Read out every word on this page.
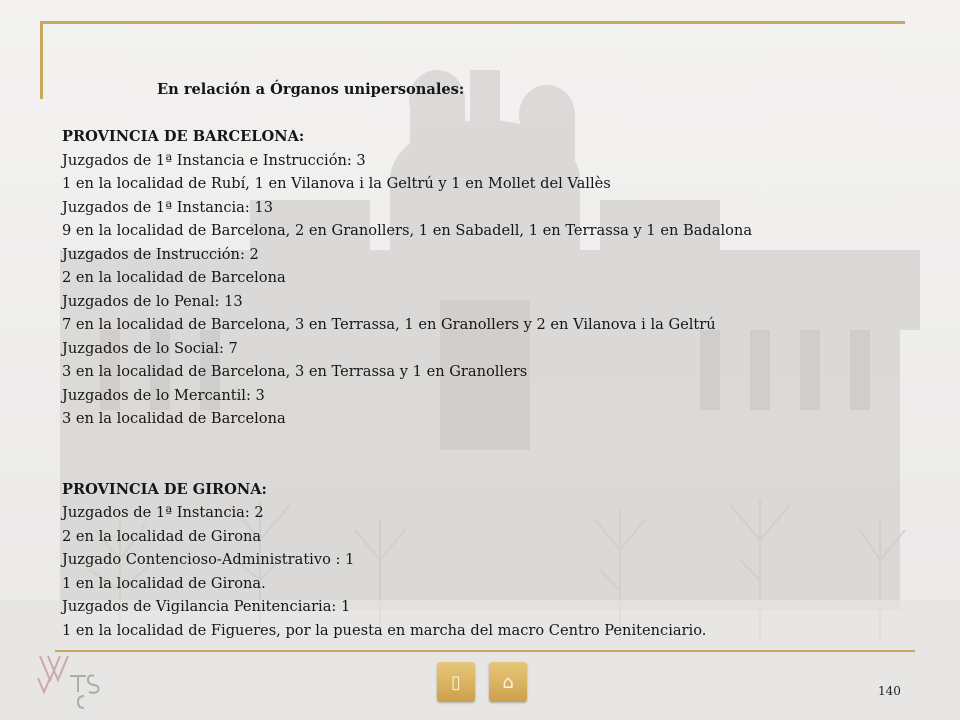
En relación a Órganos unipersonales:
PROVINCIA DE BARCELONA:
Juzgados de 1ª Instancia e Instrucción: 3
1 en la localidad de Rubí, 1 en Vilanova i la Geltrú y 1 en Mollet del Vallès
Juzgados de 1ª Instancia: 13
9 en la localidad de Barcelona, 2 en Granollers, 1 en Sabadell, 1 en Terrassa y 1 en Badalona
Juzgados de Instrucción: 2
2 en la localidad de Barcelona
Juzgados de lo Penal: 13
7 en la localidad de Barcelona, 3 en Terrassa, 1 en Granollers y 2 en Vilanova i la Geltrú
Juzgados de lo Social: 7
3 en la localidad de Barcelona, 3 en Terrassa y 1 en Granollers
Juzgados de lo Mercantil: 3
3 en la localidad de Barcelona
PROVINCIA DE GIRONA:
Juzgados de 1ª Instancia: 2
2 en la localidad de Girona
Juzgado Contencioso-Administrativo : 1
1 en la localidad de Girona.
Juzgados de Vigilancia Penitenciaria: 1
1 en la localidad de Figueres, por la puesta en marcha del macro Centro Penitenciario.
▯ ⌂	140
